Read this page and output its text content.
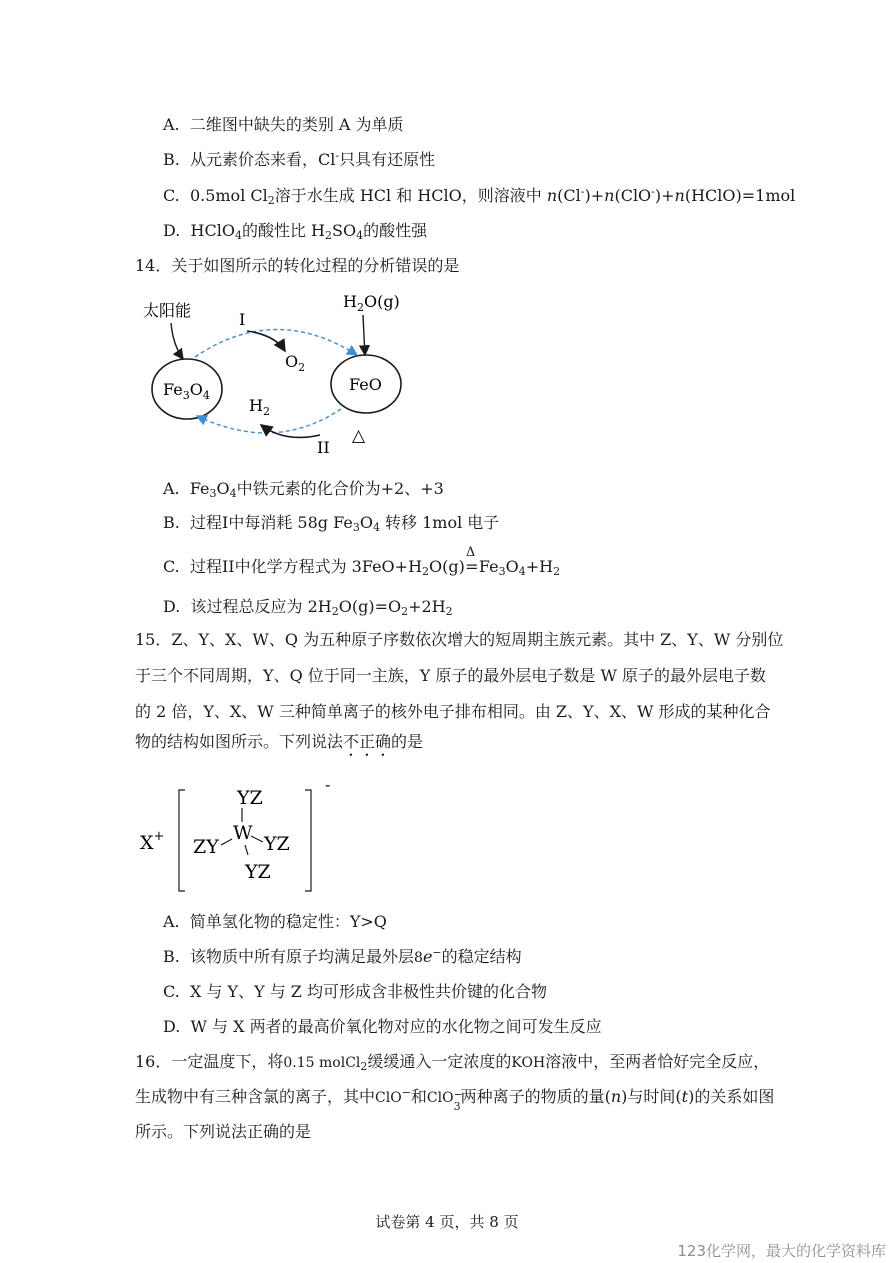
A. 二维图中缺失的类别 A 为单质
B. 从元素价态来看，Cl-只具有还原性
C. 0.5mol $Cl_2$溶于水生成 HCl 和 HClO，则溶液中 n(Cl-)+n(ClO-)+n(HClO)=1mol
D. HClO$_4$的酸性比 $H_2SO_4$的酸性强
14．关于如图所示的转化过程的分析错误的是
太阳能	$H_2O(g)$
$Fe_3O_4$
FeO
I
$O_2$
$H_2$
II
△
A. $Fe_3O_4$中铁元素的化合价为+2、+3
B. 过程I中每消耗 58g $Fe_3O_4$ 转移 1mol 电子
C. 过程II中化学方程式为 $3FeO+H_2O(g)$
Δ
$=Fe_3O_4+H_2$
D. 该过程总反应为 $2H_2O(g)=O_2+2H_2$
15．Z、Y、X、W、Q 为五种原子序数依次增大的短周期主族元素。其中 Z、Y、W 分别位
于三个不同周期，Y、Q 位于同一主族，Y 原子的最外层电子数是 W 原子的最外层电子数
的 2 倍，Y、X、W 三种简单离子的核外电子排布相同。由 Z、Y、X、W 形成的某种化合
物的结构如图所示。下列说法不正确的是
X+
-
YZ
W
ZY YZ
YZ
A. 简单氢化物的稳定性：Y>Q
B. 该物质中所有原子均满足最外层8e−的稳定结构
C. X 与 Y、Y 与 Z 均可形成含非极性共价键的化合物
D. W 与 X 两者的最高价氧化物对应的水化物之间可发生反应
16．一定温度下，将0.15 molCl$_2$缓缓通入一定浓度的KOH溶液中，至两者恰好完全反应，
生成物中有三种含氯的离子，其中ClO−和ClO −
3
两种离子的物质的量(n)与时间(t)的关系如图
所示。下列说法正确的是
试卷第 4 页，共 8 页
123化学网，最大的化学资料库
